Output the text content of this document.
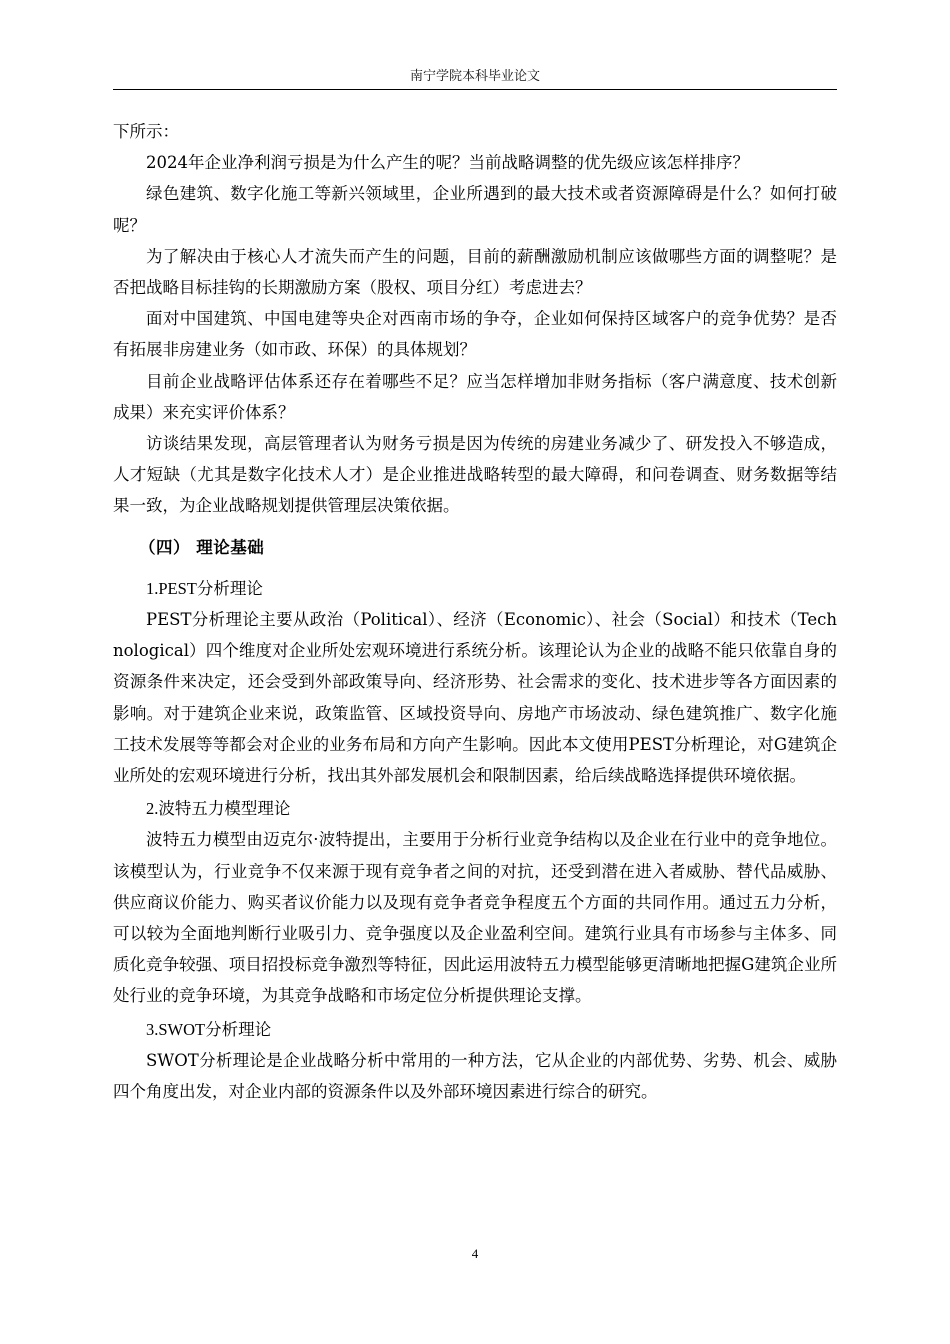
南宁学院本科毕业论文

下所示：

2024年企业净利润亏损是为什么产生的呢？当前战略调整的优先级应该怎样排序？

绿色建筑、数字化施工等新兴领域里，企业所遇到的最大技术或者资源障碍是什么？如何打破呢？

为了解决由于核心人才流失而产生的问题，目前的薪酬激励机制应该做哪些方面的调整呢？是否把战略目标挂钩的长期激励方案（股权、项目分红）考虑进去？

面对中国建筑、中国电建等央企对西南市场的争夺，企业如何保持区域客户的竞争优势？是否有拓展非房建业务（如市政、环保）的具体规划？

目前企业战略评估体系还存在着哪些不足？应当怎样增加非财务指标（客户满意度、技术创新成果）来充实评价体系？

访谈结果发现，高层管理者认为财务亏损是因为传统的房建业务减少了、研发投入不够造成，人才短缺（尤其是数字化技术人才）是企业推进战略转型的最大障碍，和问卷调查、财务数据等结果一致，为企业战略规划提供管理层决策依据。

（四） 理论基础

1.PEST分析理论

PEST分析理论主要从政治（Political）、经济（Economic）、社会（Social）和技术（Technological）四个维度对企业所处宏观环境进行系统分析。该理论认为企业的战略不能只依靠自身的资源条件来决定，还会受到外部政策导向、经济形势、社会需求的变化、技术进步等各方面因素的影响。对于建筑企业来说，政策监管、区域投资导向、房地产市场波动、绿色建筑推广、数字化施工技术发展等等都会对企业的业务布局和方向产生影响。因此本文使用PEST分析理论，对G建筑企业所处的宏观环境进行分析，找出其外部发展机会和限制因素，给后续战略选择提供环境依据。

2.波特五力模型理论

波特五力模型由迈克尔·波特提出，主要用于分析行业竞争结构以及企业在行业中的竞争地位。该模型认为，行业竞争不仅来源于现有竞争者之间的对抗，还受到潜在进入者威胁、替代品威胁、供应商议价能力、购买者议价能力以及现有竞争者竞争程度五个方面的共同作用。通过五力分析，可以较为全面地判断行业吸引力、竞争强度以及企业盈利空间。建筑行业具有市场参与主体多、同质化竞争较强、项目招投标竞争激烈等特征，因此运用波特五力模型能够更清晰地把握G建筑企业所处行业的竞争环境，为其竞争战略和市场定位分析提供理论支撑。

3.SWOT分析理论

SWOT分析理论是企业战略分析中常用的一种方法，它从企业的内部优势、劣势、机会、威胁四个角度出发，对企业内部的资源条件以及外部环境因素进行综合的研究。

4
